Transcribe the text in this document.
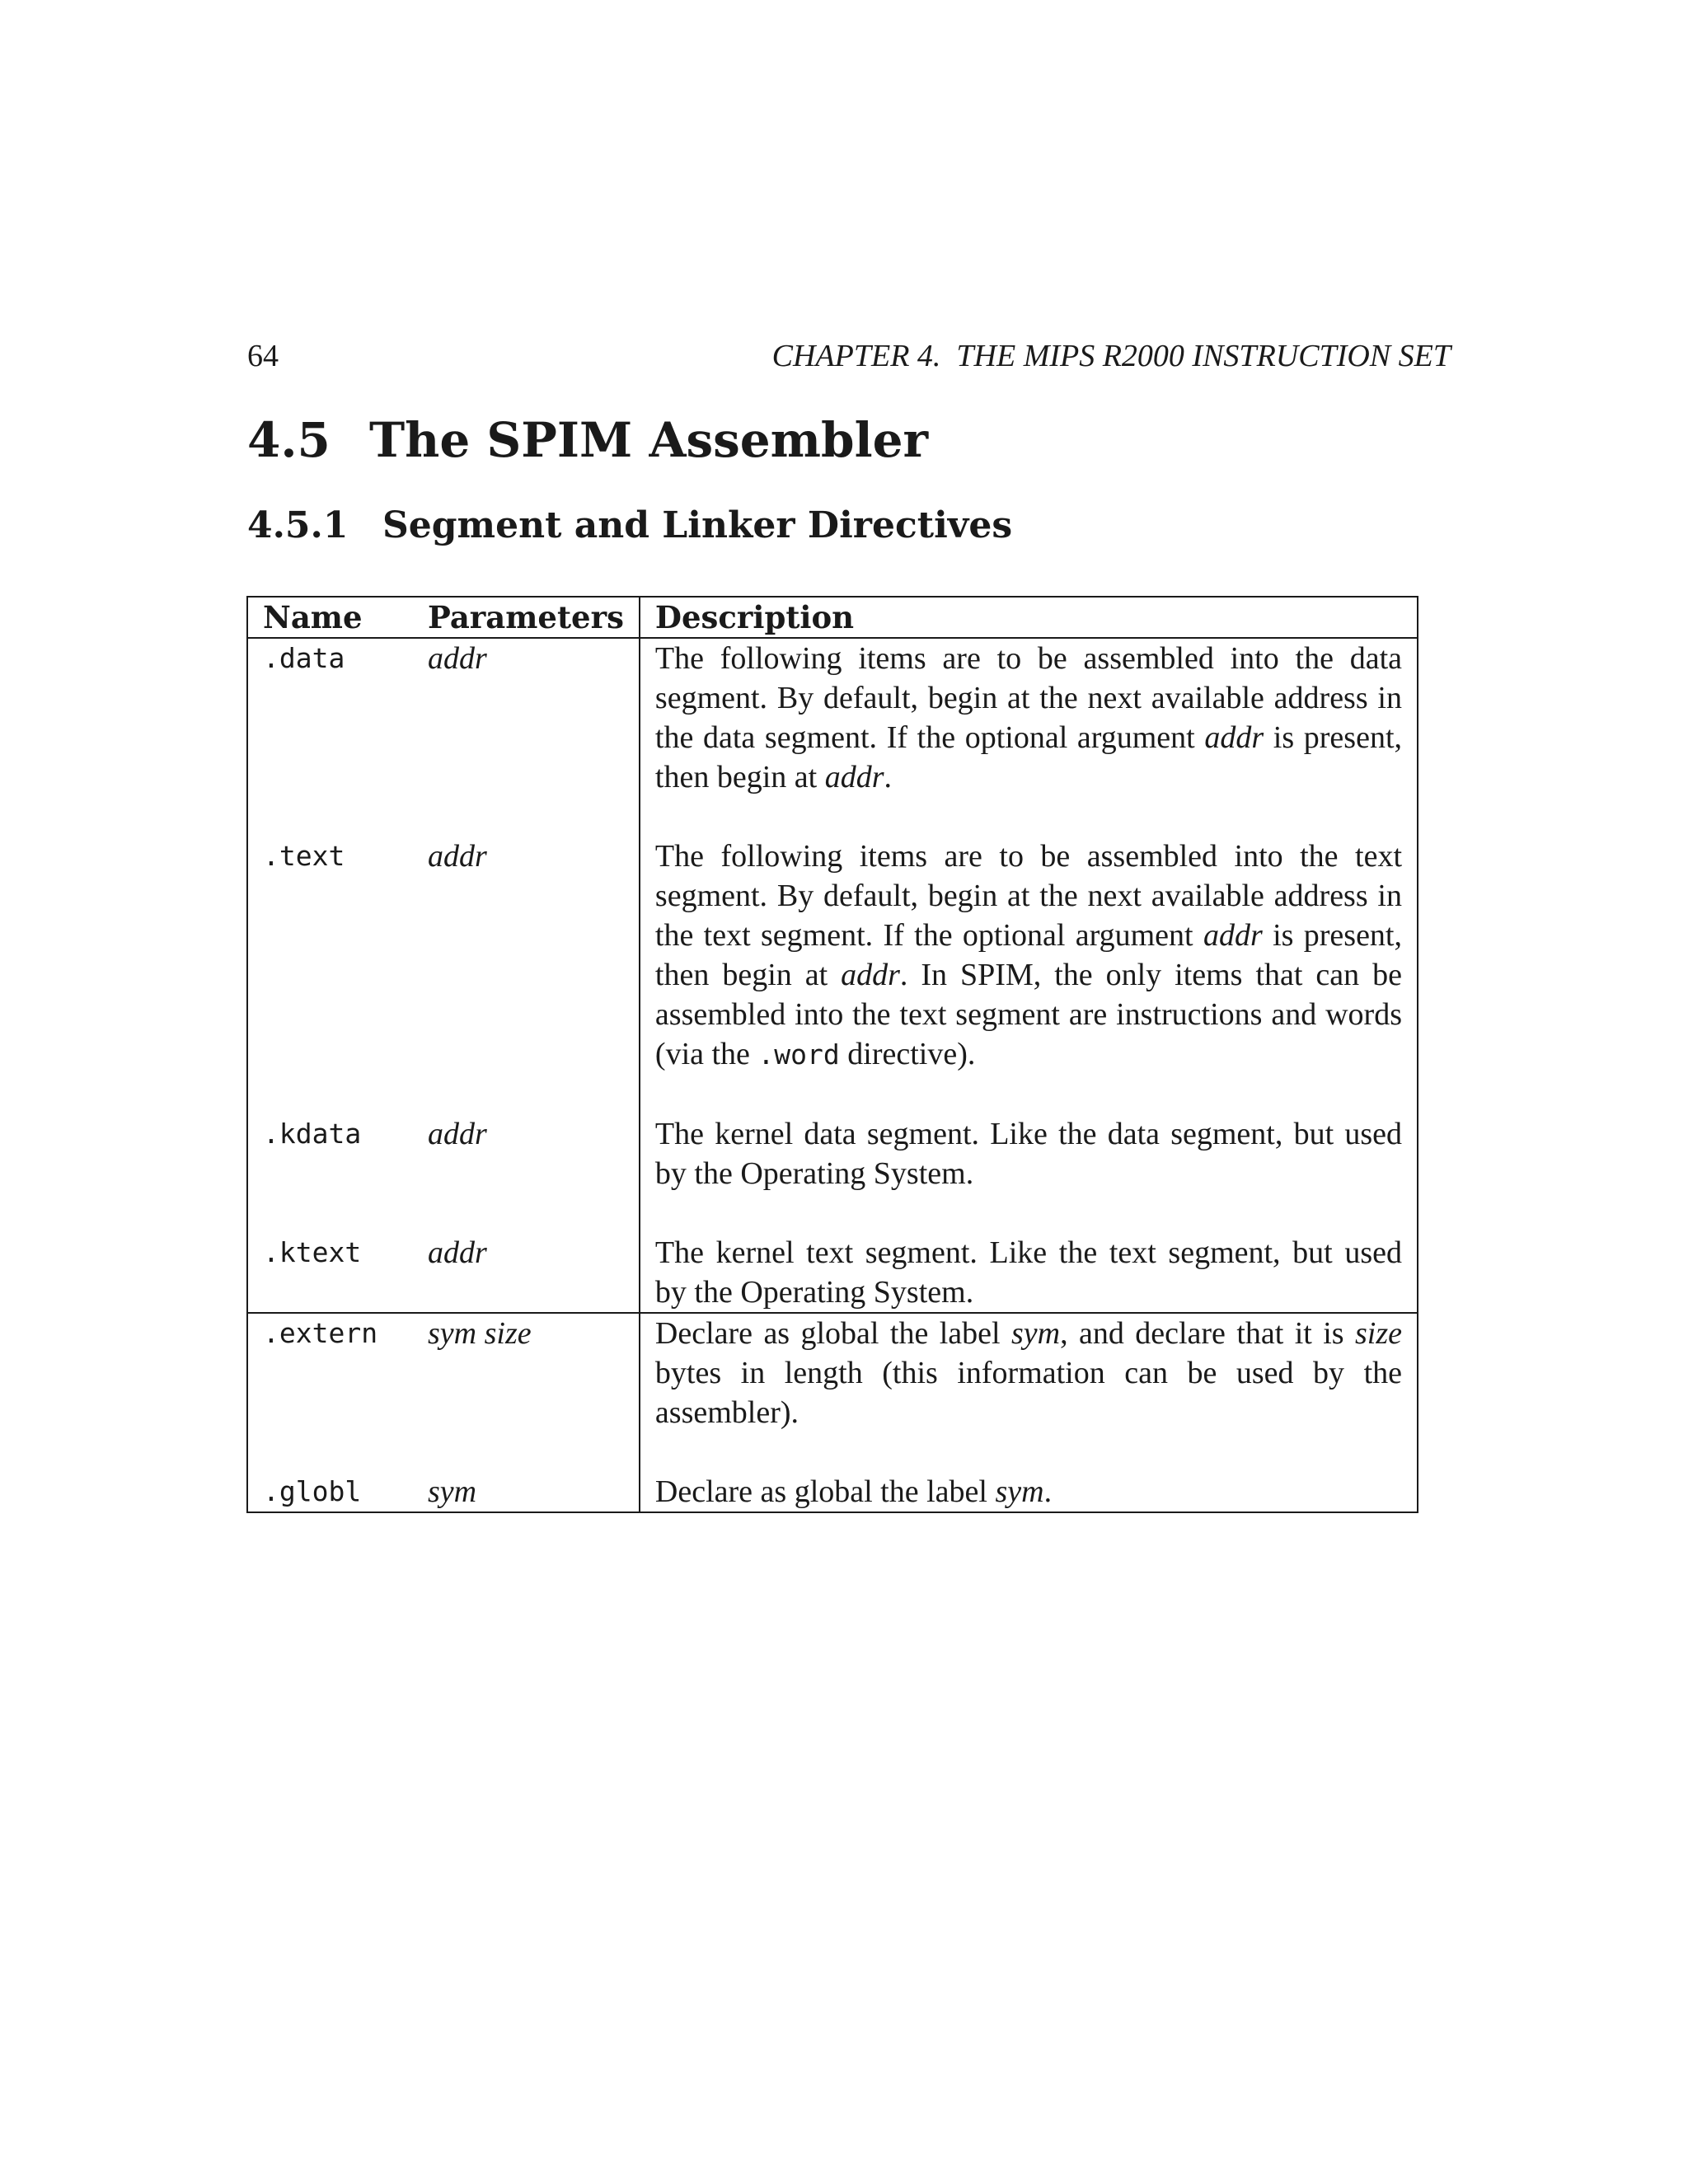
64	CHAPTER 4.  THE MIPS R2000 INSTRUCTION SET
4.5 The SPIM Assembler
4.5.1 Segment and Linker Directives
Name	Parameters	Description
.data	addr	The following items are to be assembled into the data segment. By default, begin at the next available address in the data segment. If the optional argument addr is present, then begin at addr.

.text	addr	The following items are to be assembled into the text segment. By default, begin at the next available address in the text segment. If the optional argument addr is present, then begin at addr. In SPIM, the only items that can be assembled into the text segment are instructions and words (via the .word directive).

.kdata	addr	The kernel data segment. Like the data segment, but used by the Operating System.

.ktext	addr	The kernel text segment. Like the text segment, but used by the Operating System.
.extern	sym size	Declare as global the label sym, and declare that it is size bytes in length (this information can be used by the assembler).

.globl	sym	Declare as global the label sym.
